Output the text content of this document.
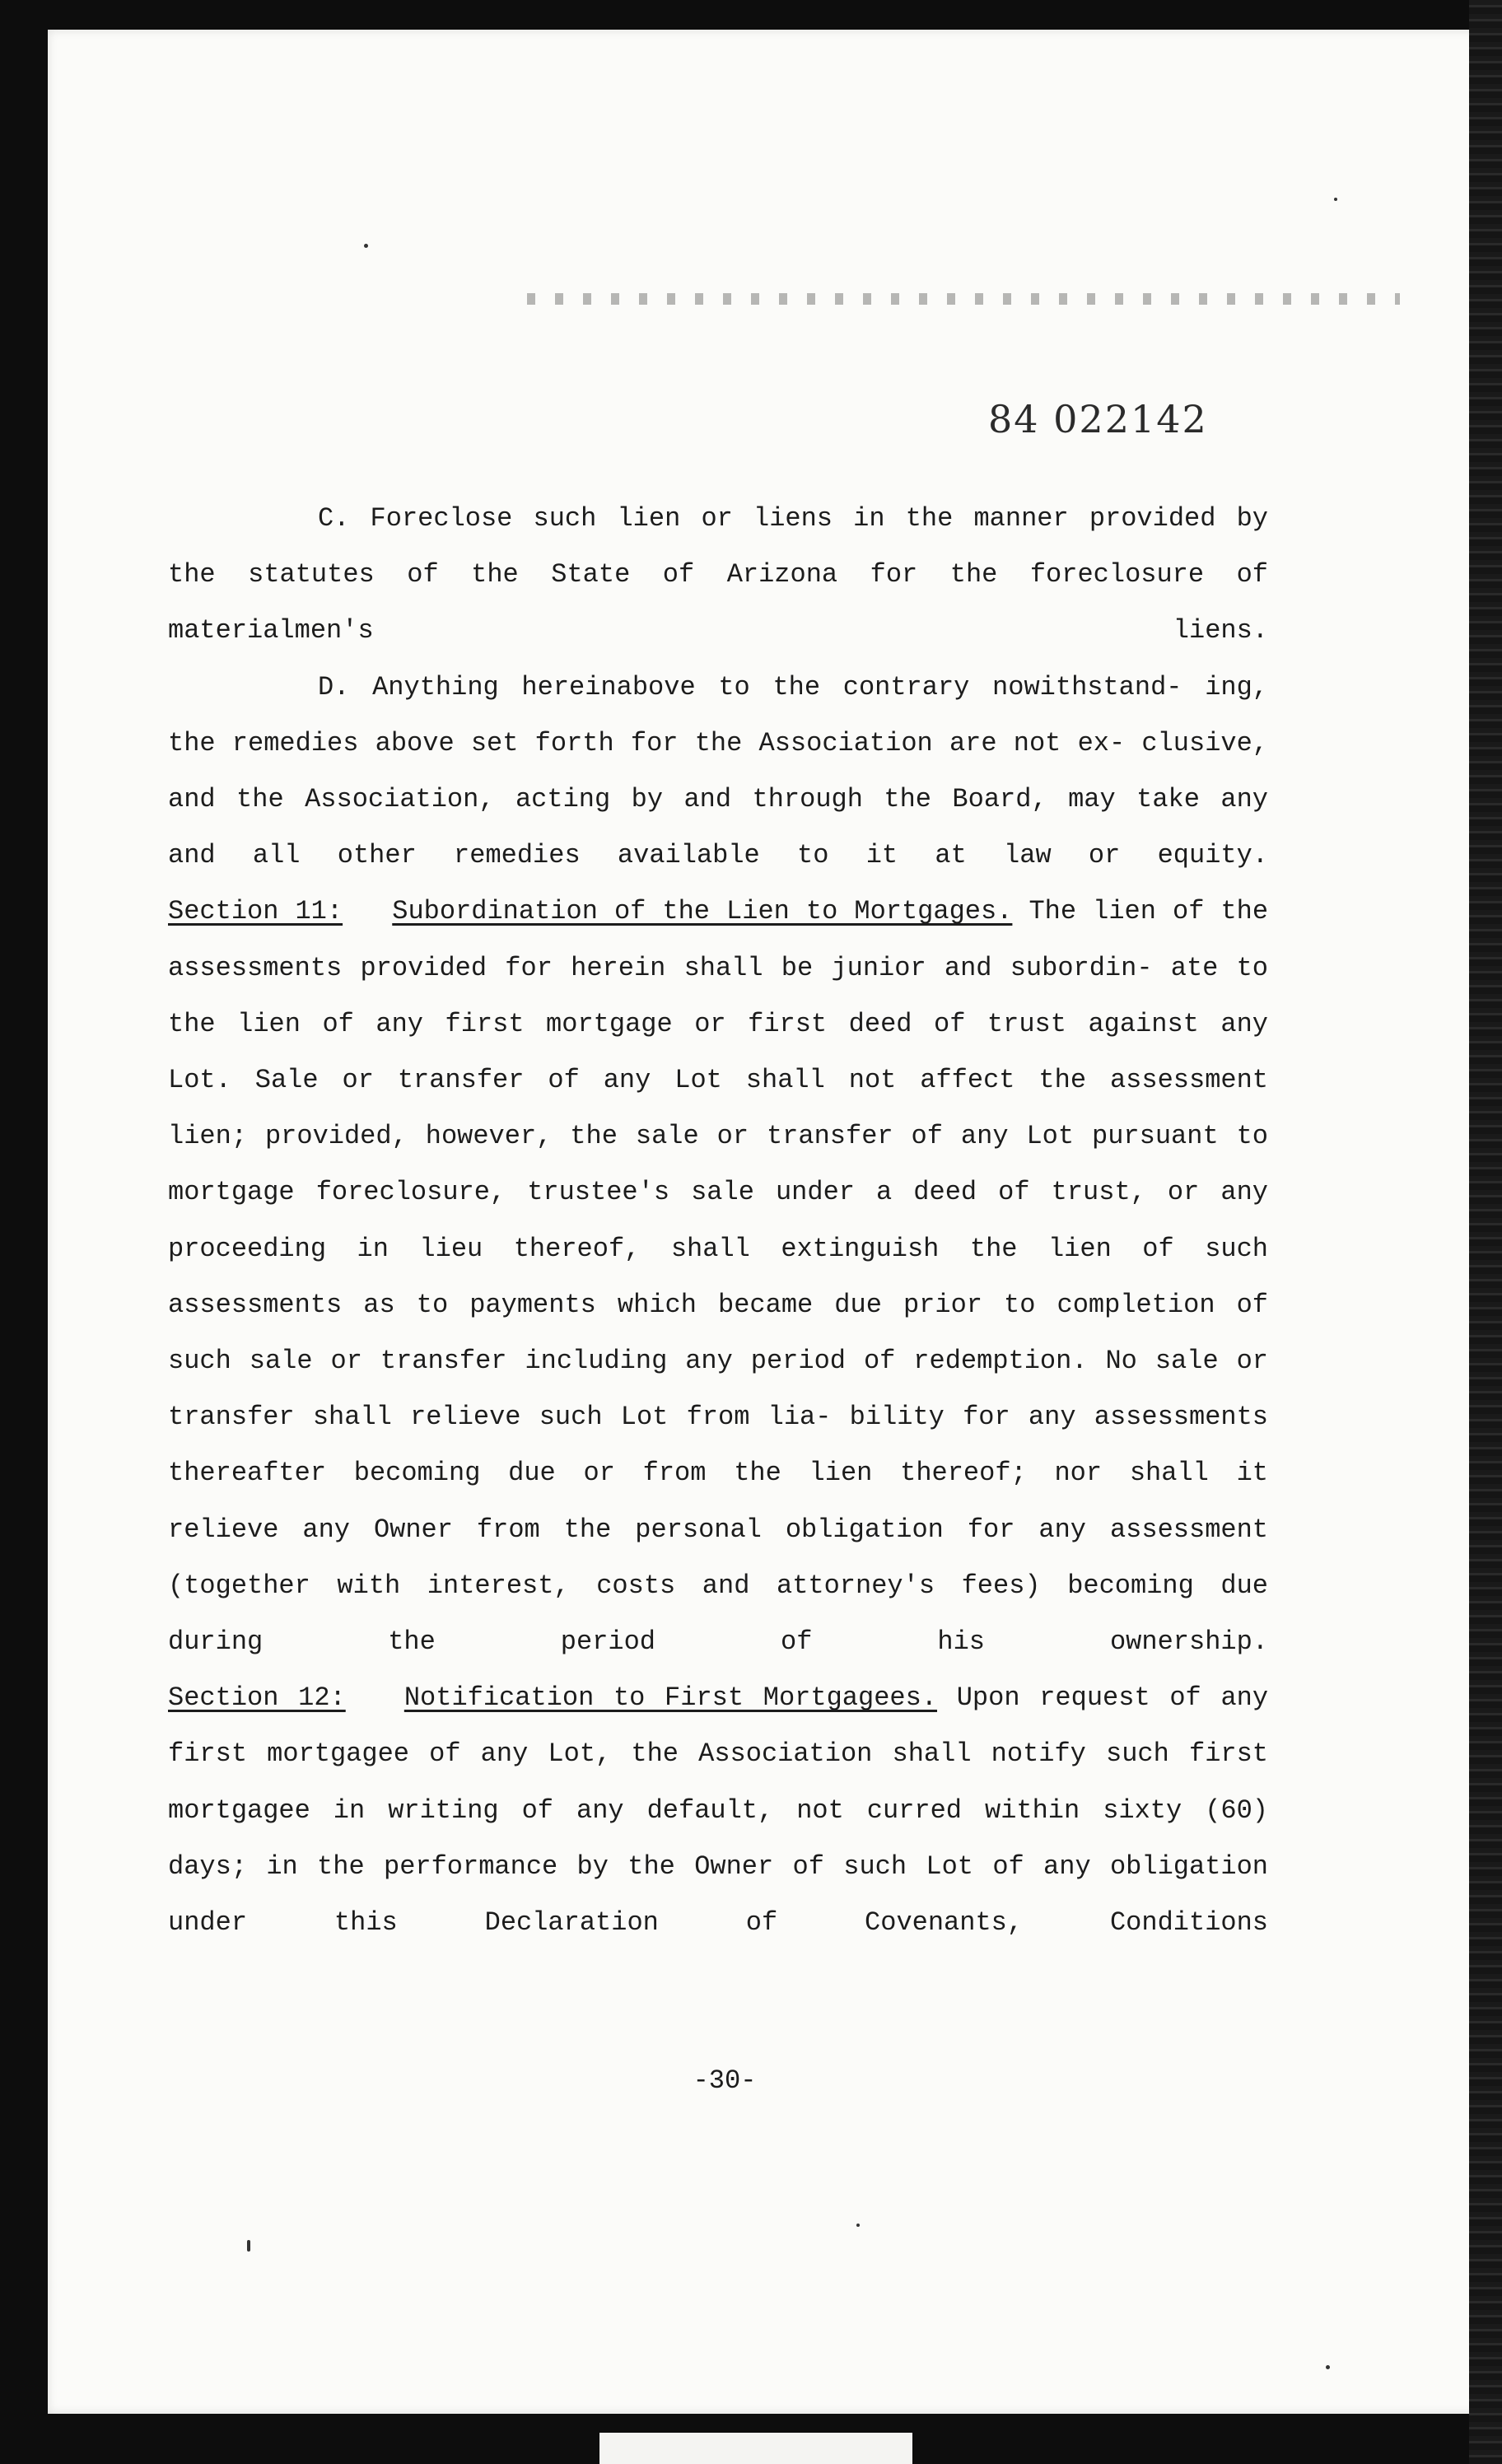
84 022142

C. Foreclose such lien or liens in the manner provided by the statutes of the State of Arizona for the foreclosure of materialmen's liens.

D. Anything hereinabove to the contrary nowithstand- ing, the remedies above set forth for the Association are not ex- clusive, and the Association, acting by and through the Board, may take any and all other remedies available to it at law or equity.

Section 11: Subordination of the Lien to Mortgages. The lien of the assessments provided for herein shall be junior and subordin- ate to the lien of any first mortgage or first deed of trust against any Lot. Sale or transfer of any Lot shall not affect the assessment lien; provided, however, the sale or transfer of any Lot pursuant to mortgage foreclosure, trustee's sale under a deed of trust, or any proceeding in lieu thereof, shall extinguish the lien of such assessments as to payments which became due prior to completion of such sale or transfer including any period of redemption. No sale or transfer shall relieve such Lot from lia- bility for any assessments thereafter becoming due or from the lien thereof; nor shall it relieve any Owner from the personal obligation for any assessment (together with interest, costs and attorney's fees) becoming due during the period of his ownership.

Section 12: Notification to First Mortgagees. Upon request of any first mortgagee of any Lot, the Association shall notify such first mortgagee in writing of any default, not curred within sixty (60) days; in the performance by the Owner of such Lot of any obligation under this Declaration of Covenants, Conditions

-30-
